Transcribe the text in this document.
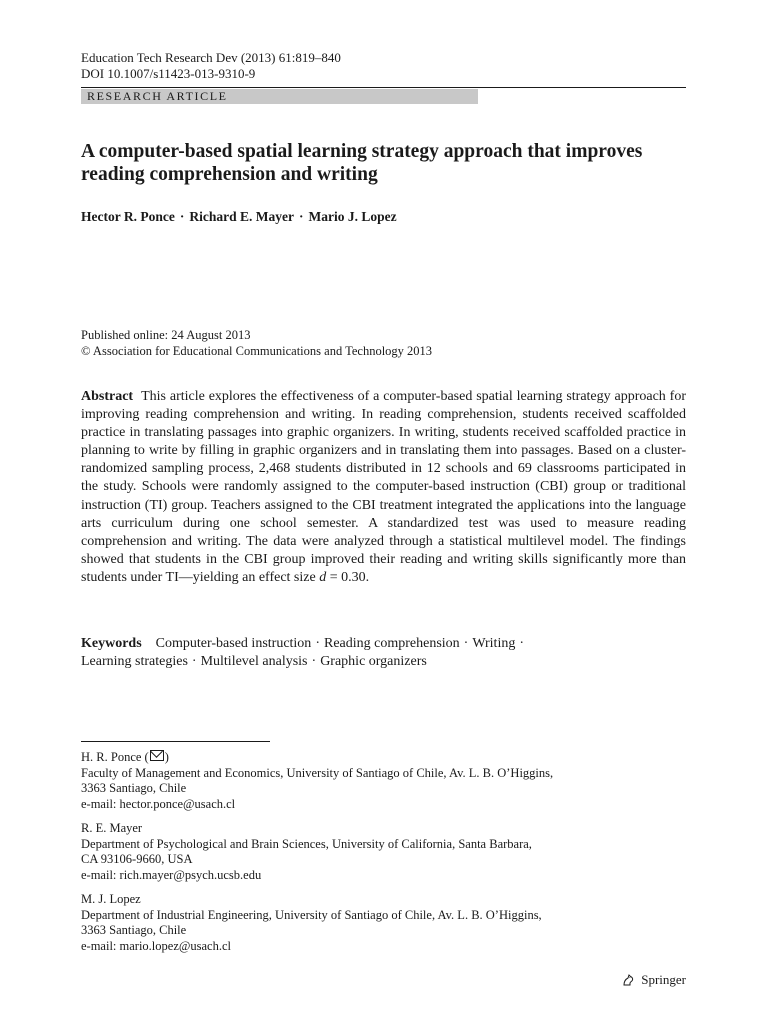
Education Tech Research Dev (2013) 61:819–840
DOI 10.1007/s11423-013-9310-9
RESEARCH ARTICLE
A computer-based spatial learning strategy approach that improves reading comprehension and writing
Hector R. Ponce · Richard E. Mayer · Mario J. Lopez
Published online: 24 August 2013
© Association for Educational Communications and Technology 2013

Abstract This article explores the effectiveness of a computer-based spatial learning strategy approach for improving reading comprehension and writing. In reading comprehension, students received scaffolded practice in translating passages into graphic organizers. In writing, students received scaffolded practice in planning to write by filling in graphic organizers and in translating them into passages. Based on a cluster-randomized sampling process, 2,468 students distributed in 12 schools and 69 classrooms participated in the study. Schools were randomly assigned to the computer-based instruction (CBI) group or traditional instruction (TI) group. Teachers assigned to the CBI treatment integrated the applications into the language arts curriculum during one school semester. A standardized test was used to measure reading comprehension and writing. The data were analyzed through a statistical multilevel model. The findings showed that students in the CBI group improved their reading and writing skills significantly more than students under TI—yielding an effect size d = 0.30.

Keywords Computer-based instruction · Reading comprehension · Writing ·
Learning strategies · Multilevel analysis · Graphic organizers

H. R. Ponce ( )
Faculty of Management and Economics, University of Santiago of Chile, Av. L. B. O’Higgins,
3363 Santiago, Chile
e-mail: hector.ponce@usach.cl
R. E. Mayer
Department of Psychological and Brain Sciences, University of California, Santa Barbara,
CA 93106-9660, USA
e-mail: rich.mayer@psych.ucsb.edu
M. J. Lopez
Department of Industrial Engineering, University of Santiago of Chile, Av. L. B. O’Higgins,
3363 Santiago, Chile
e-mail: mario.lopez@usach.cl
Springer
